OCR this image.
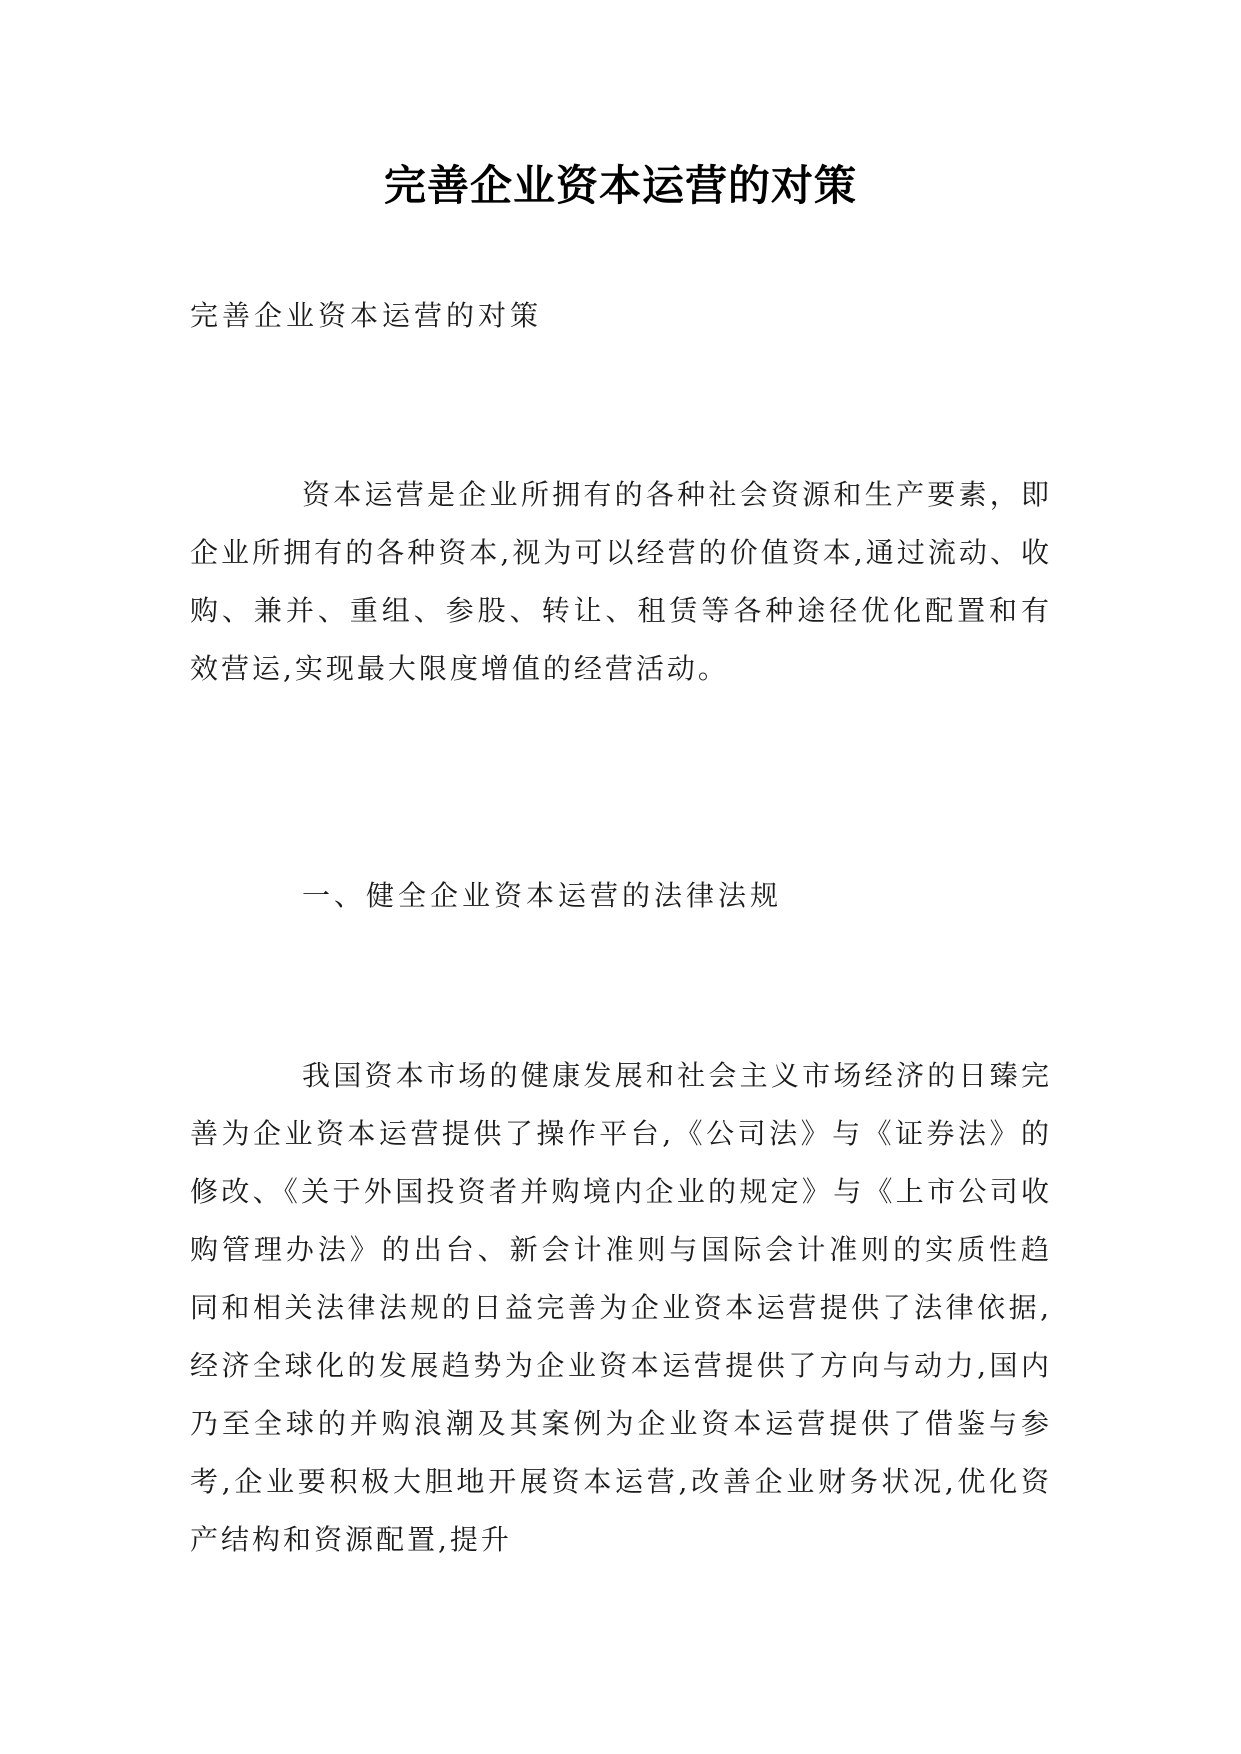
完善企业资本运营的对策
完善企业资本运营的对策

资本运营是企业所拥有的各种社会资源和生产要素，即企业所拥有的各种资本,视为可以经营的价值资本,通过流动、收购、兼并、重组、参股、转让、租赁等各种途径优化配置和有效营运,实现最大限度增值的经营活动。

一、健全企业资本运营的法律法规

我国资本市场的健康发展和社会主义市场经济的日臻完善为企业资本运营提供了操作平台,《公司法》与《证券法》的修改、《关于外国投资者并购境内企业的规定》与《上市公司收购管理办法》的出台、新会计准则与国际会计准则的实质性趋同和相关法律法规的日益完善为企业资本运营提供了法律依据,经济全球化的发展趋势为企业资本运营提供了方向与动力,国内乃至全球的并购浪潮及其案例为企业资本运营提供了借鉴与参考,企业要积极大胆地开展资本运营,改善企业财务状况,优化资产结构和资源配置,提升
